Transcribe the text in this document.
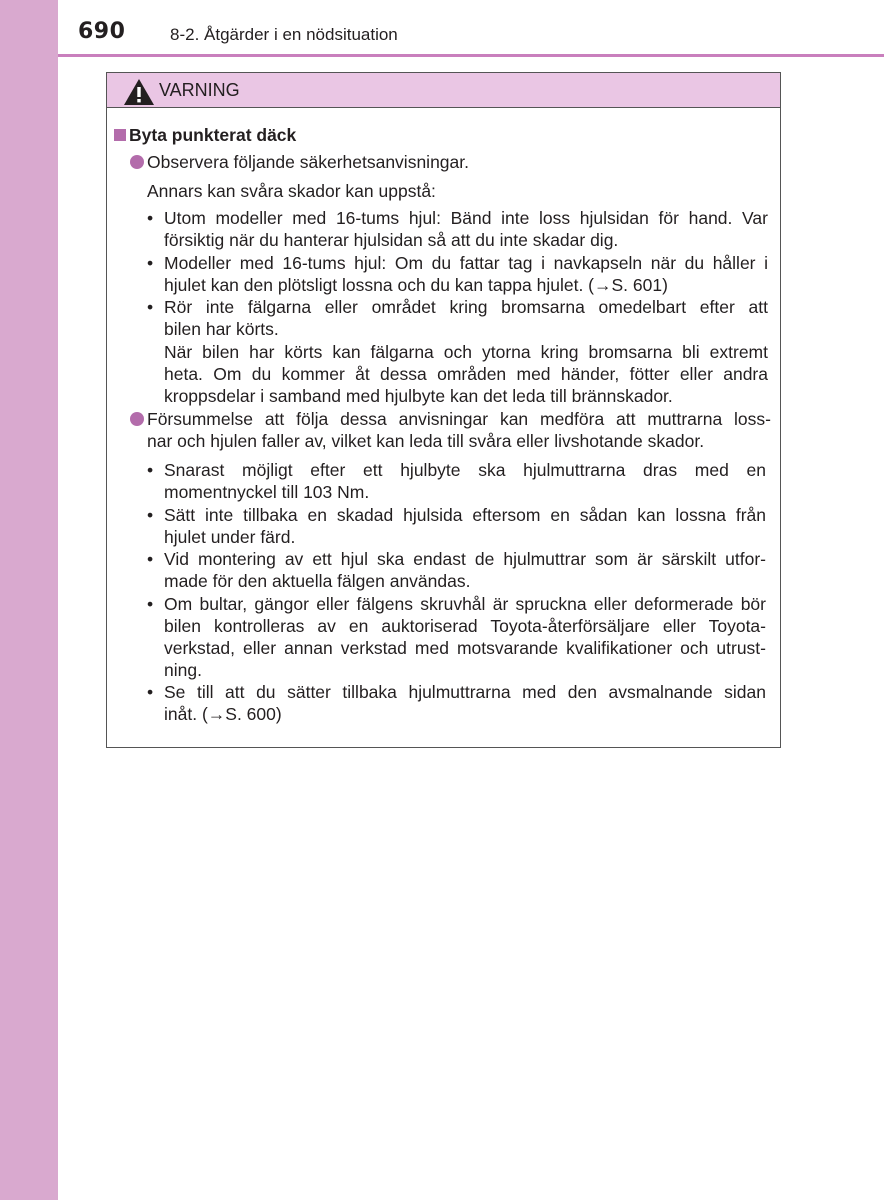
690	8-2. Åtgärder i en nödsituation
VARNING
Byta punkterat däck
Observera följande säkerhetsanvisningar.
Annars kan svåra skador kan uppstå:
• Utom modeller med 16-tums hjul: Bänd inte loss hjulsidan för hand. Var
försiktig när du hanterar hjulsidan så att du inte skadar dig.
• Modeller med 16-tums hjul: Om du fattar tag i navkapseln när du håller i
hjulet kan den plötsligt lossna och du kan tappa hjulet. (→S. 601)
• Rör inte fälgarna eller området kring bromsarna omedelbart efter att
bilen har körts.
När bilen har körts kan fälgarna och ytorna kring bromsarna bli extremt
heta. Om du kommer åt dessa områden med händer, fötter eller andra
kroppsdelar i samband med hjulbyte kan det leda till brännskador.
Försummelse att följa dessa anvisningar kan medföra att muttrarna loss-
nar och hjulen faller av, vilket kan leda till svåra eller livshotande skador.
• Snarast möjligt efter ett hjulbyte ska hjulmuttrarna dras med en
momentnyckel till 103 Nm.
• Sätt inte tillbaka en skadad hjulsida eftersom en sådan kan lossna från
hjulet under färd.
• Vid montering av ett hjul ska endast de hjulmuttrar som är särskilt utfor-
made för den aktuella fälgen användas.
• Om bultar, gängor eller fälgens skruvhål är spruckna eller deformerade bör
bilen kontrolleras av en auktoriserad Toyota-återförsäljare eller Toyota-
verkstad, eller annan verkstad med motsvarande kvalifikationer och utrust-
ning.
• Se till att du sätter tillbaka hjulmuttrarna med den avsmalnande sidan
inåt. (→S. 600)
